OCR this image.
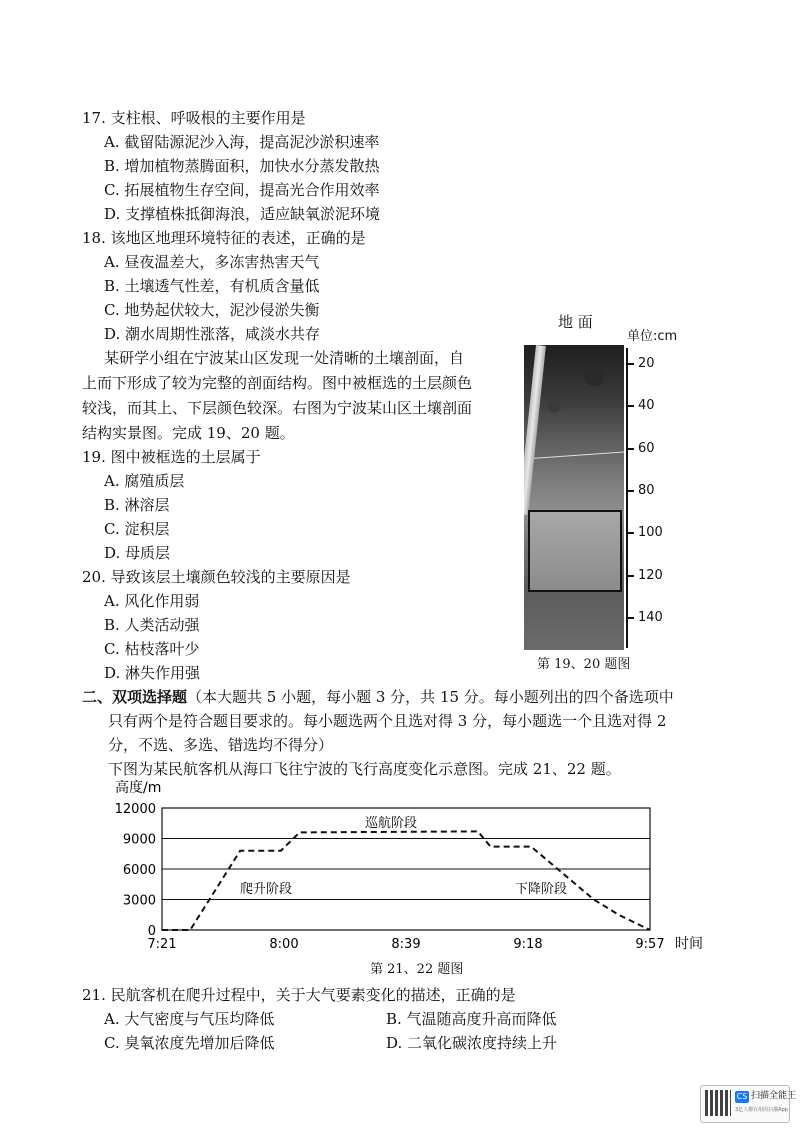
17. 支柱根、呼吸根的主要作用是
A. 截留陆源泥沙入海，提高泥沙淤积速率
B. 增加植物蒸腾面积，加快水分蒸发散热
C. 拓展植物生存空间，提高光合作用效率
D. 支撑植株抵御海浪，适应缺氧淤泥环境
18. 该地区地理环境特征的表述，正确的是
A. 昼夜温差大，多冻害热害天气
B. 土壤透气性差，有机质含量低
C. 地势起伏较大，泥沙侵淤失衡
D. 潮水周期性涨落，咸淡水共存
某研学小组在宁波某山区发现一处清晰的土壤剖面，自
上而下形成了较为完整的剖面结构。图中被框选的土层颜色
较浅，而其上、下层颜色较深。右图为宁波某山区土壤剖面
结构实景图。完成 19、20 题。
19. 图中被框选的土层属于
A. 腐殖质层
B. 淋溶层
C. 淀积层
D. 母质层
20. 导致该层土壤颜色较浅的主要原因是
A. 风化作用弱
B. 人类活动强
C. 枯枝落叶少
D. 淋失作用强
地 面
单位:cm
20
40
60
80
100
120
140
第 19、20 题图
二、双项选择题（本大题共 5 小题，每小题 3 分，共 15 分。每小题列出的四个备选项中
只有两个是符合题目要求的。每小题选两个且选对得 3 分，每小题选一个且选对得 2
分，不选、多选、错选均不得分）
下图为某民航客机从海口飞往宁波的飞行高度变化示意图。完成 21、22 题。
高度/m
12000
9000
6000
3000
0
7:21	8:00	8:39	9:18	9:57
巡航阶段
爬升阶段	下降阶段
时间
第 21、22 题图
21. 民航客机在爬升过程中，关于大气要素变化的描述，正确的是
A. 大气密度与气压均降低	B. 气温随高度升高而降低
C. 臭氧浓度先增加后降低	D. 二氧化碳浓度持续上升
CS 扫描全能王
3亿人都在用的扫描App
